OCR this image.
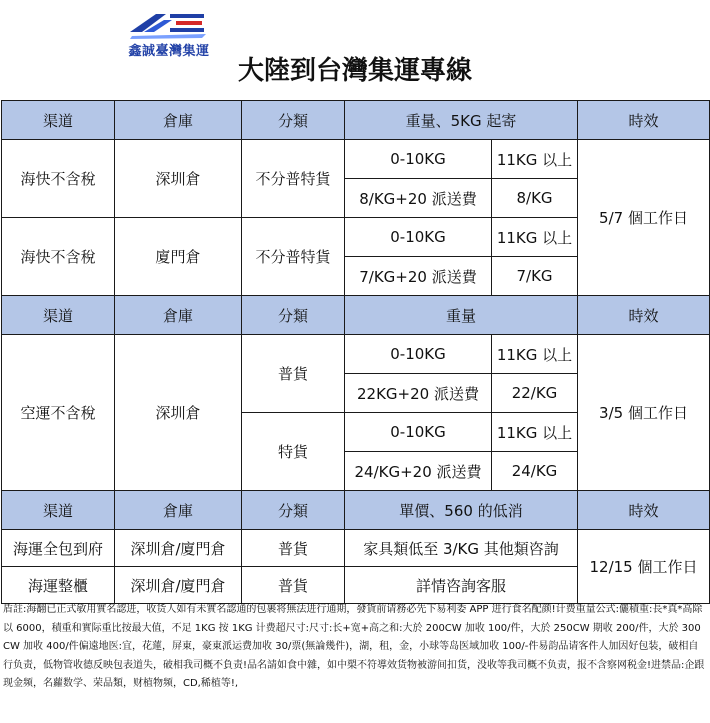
鑫誠臺灣集運
大陸到台灣集運專線
渠道	倉庫	分類	重量、5KG 起寄		時效
海快不含稅	深圳倉	不分普特貨	0-10KG	11KG 以上	5/7 個工作日
			8/KG+20 派送費	8/KG	
海快不含稅	廈門倉	不分普特貨	0-10KG	11KG 以上	
			7/KG+20 派送費	7/KG	
渠道	倉庫	分類	重量		時效
空運不含稅	深圳倉	普貨	0-10KG	11KG 以上	3/5 個工作日
			22KG+20 派送費	22/KG	
		特貨	0-10KG	11KG 以上	
			24/KG+20 派送費	24/KG	
渠道	倉庫	分類	單價、560 的低消		時效
海運全包到府	深圳倉/廈門倉	普貨	家具類低至 3/KG 其他類咨詢		12/15 個工作日
海運整櫃	深圳倉/廈門倉	普貨	詳情咨詢客服		
盾註:海翻已正式敏用實名認进，收货人如有未實名認通的包裹将無法进行通期，發貨前请務必先下易利委 APP 进行食名配颜!计费重量公式:儷積重:長*真*高除以 6000，積重和實际重比按最大值，不足 1KG 按 1KG 计费超尺寸:尺寸:长+宽+高之和:大於 200CW 加收 100/件，大於 250CW 期收 200/件，大於 300CW 加收 400/件偏遠地医:宜，花蓮，屏東，豪東派运费加收 30/票(無論幾件)，湖，租，金，小球等岛医域加收 100/-件易韵品请客件人加因好包装，破相自行负责，低物管收德反映包表道失，破相我司概不負责!品名請如食中雜，如中槊不符導效货物被游间扣货，没收等我司概不负责，报不含察网税金!进禁品:企跟现金频，名蘿数学、荣品類，财植物频，CD,稀植等!,
